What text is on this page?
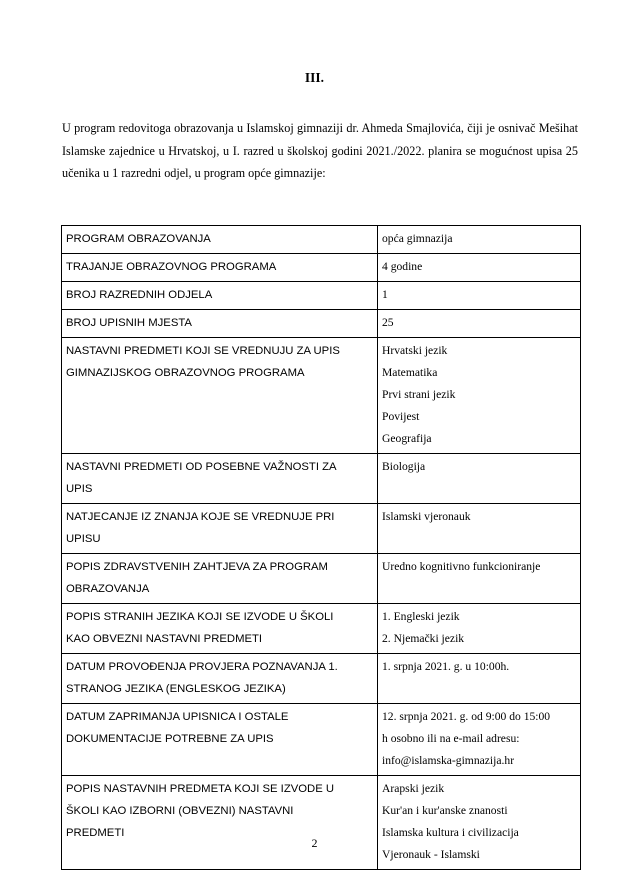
III.

U program redovitoga obrazovanja u Islamskoj gimnaziji dr. Ahmeda Smajlovića, čiji je osnivač Mešihat Islamske zajednice u Hrvatskoj, u I. razred u školskoj godini 2021./2022. planira se mogućnost upisa 25 učenika u 1 razredni odjel, u program opće gimnazije:

PROGRAM OBRAZOVANJA	opća gimnazija

TRAJANJE OBRAZOVNOG PROGRAMA	4 godine

BROJ RAZREDNIH ODJELA	1

BROJ UPISNIH MJESTA	25

NASTAVNI PREDMETI KOJI SE VREDNUJU ZA UPIS
GIMNAZIJSKOG OBRAZOVNOG PROGRAMA	Hrvatski jezik
Matematika
Prvi strani jezik
Povijest
Geografija

NASTAVNI PREDMETI OD POSEBNE VAŽNOSTI ZA
UPIS	Biologija

NATJECANJE IZ ZNANJA KOJE SE VREDNUJE PRI
UPISU	Islamski vjeronauk

POPIS ZDRAVSTVENIH ZAHTJEVA ZA PROGRAM
OBRAZOVANJA	Uredno kognitivno funkcioniranje

POPIS STRANIH JEZIKA KOJI SE IZVODE U ŠKOLI
KAO OBVEZNI NASTAVNI PREDMETI	1. Engleski jezik
2. Njemački jezik

DATUM PROVOĐENJA PROVJERA POZNAVANJA 1.
STRANOG JEZIKA (ENGLESKOG JEZIKA)	1. srpnja 2021. g. u 10:00h.

DATUM ZAPRIMANJA UPISNICA I OSTALE
DOKUMENTACIJE POTREBNE ZA UPIS	12. srpnja 2021. g. od 9:00 do 15:00
h osobno ili na e-mail adresu:
info@islamska-gimnazija.hr

POPIS NASTAVNIH PREDMETA KOJI SE IZVODE U
ŠKOLI KAO IZBORNI (OBVEZNI) NASTAVNI
PREDMETI	Arapski jezik
Kur'an i kur'anske znanosti
Islamska kultura i civilizacija
Vjeronauk - Islamski
2
